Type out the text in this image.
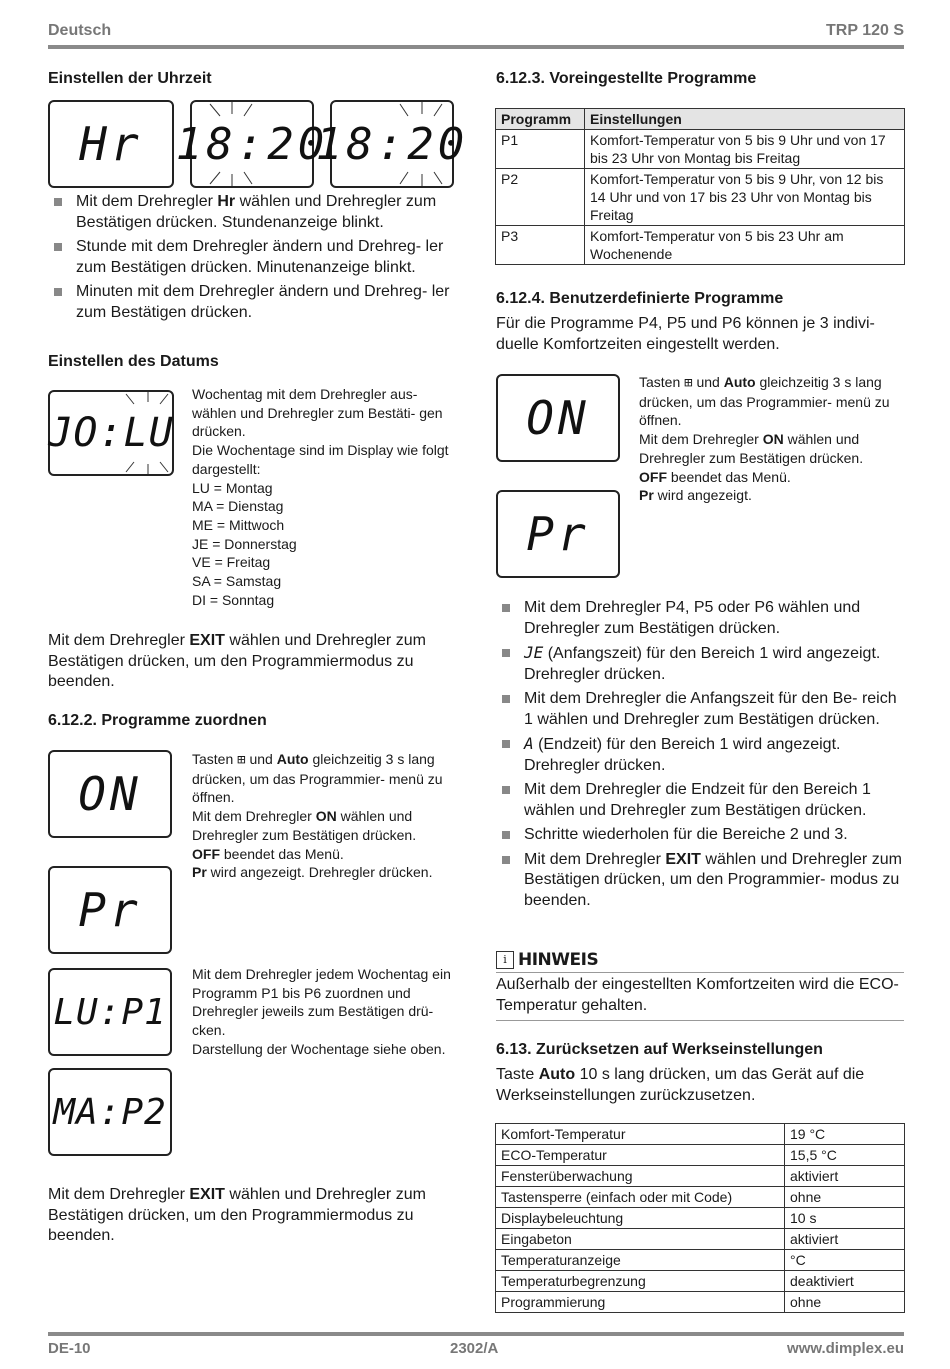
Deutsch	TRP 120 S
Einstellen der Uhrzeit
Hr 18:20
18:20
Mit dem Drehregler Hr wählen und Drehregler zum Bestätigen drücken. Stundenanzeige blinkt.
Stunde mit dem Drehregler ändern und Drehreg- ler zum Bestätigen drücken. Minutenanzeige blinkt.
Minuten mit dem Drehregler ändern und Drehreg- ler zum Bestätigen drücken.
Einstellen des Datums
JO:LU
Wochentag mit dem Drehregler aus- wählen und Drehregler zum Bestäti- gen drücken.
Die Wochentage sind im Display wie folgt dargestellt:
LU = Montag
MA = Dienstag
ME = Mittwoch
JE = Donnerstag
VE = Freitag
SA = Samstag
DI = Sonntag
Mit dem Drehregler EXIT wählen und Drehregler zum Bestätigen drücken, um den Programmiermodus zu beenden.
6.12.2. Programme zuordnen
ON
Pr
LU:P1
MA:P2
Tasten ⊞ und Auto gleichzeitig 3 s lang drücken, um das Programmier- menü zu öffnen.
Mit dem Drehregler ON wählen und Drehregler zum Bestätigen drücken.
OFF beendet das Menü.
Pr wird angezeigt. Drehregler drücken.
Mit dem Drehregler jedem Wochentag ein Programm P1 bis P6 zuordnen und Drehregler jeweils zum Bestätigen drü- cken.
Darstellung der Wochentage siehe oben.
Mit dem Drehregler EXIT wählen und Drehregler zum Bestätigen drücken, um den Programmiermodus zu beenden.
6.12.3. Voreingestellte Programme
Programm	Einstellungen
P1	Komfort-Temperatur von 5 bis 9 Uhr und von 17 bis 23 Uhr von Montag bis Freitag
P2	Komfort-Temperatur von 5 bis 9 Uhr, von 12 bis 14 Uhr und von 17 bis 23 Uhr von Montag bis Freitag
P3	Komfort-Temperatur von 5 bis 23 Uhr am Wochenende
6.12.4. Benutzerdefinierte Programme
Für die Programme P4, P5 und P6 können je 3 indivi- duelle Komfortzeiten eingestellt werden.
ON
Pr
Tasten ⊞ und Auto gleichzeitig 3 s lang drücken, um das Programmier- menü zu öffnen.
Mit dem Drehregler ON wählen und Drehregler zum Bestätigen drücken.
OFF beendet das Menü.
Pr wird angezeigt.
Mit dem Drehregler P4, P5 oder P6 wählen und Drehregler zum Bestätigen drücken.
JE (Anfangszeit) für den Bereich 1 wird angezeigt. Drehregler drücken.
Mit dem Drehregler die Anfangszeit für den Be- reich 1 wählen und Drehregler zum Bestätigen drücken.
A (Endzeit) für den Bereich 1 wird angezeigt. Drehregler drücken.
Mit dem Drehregler die Endzeit für den Bereich 1 wählen und Drehregler zum Bestätigen drücken.
Schritte wiederholen für die Bereiche 2 und 3.
Mit dem Drehregler EXIT wählen und Drehregler zum Bestätigen drücken, um den Programmier- modus zu beenden.
i HINWEIS
Außerhalb der eingestellten Komfortzeiten wird die ECO-Temperatur gehalten.
6.13. Zurücksetzen auf Werkseinstellungen
Taste Auto 10 s lang drücken, um das Gerät auf die Werkseinstellungen zurückzusetzen.
Komfort-Temperatur	19 °C
ECO-Temperatur	15,5 °C
Fensterüberwachung	aktiviert
Tastensperre (einfach oder mit Code)	ohne
Displaybeleuchtung	10 s
Eingabeton	aktiviert
Temperaturanzeige	°C
Temperaturbegrenzung	deaktiviert
Programmierung	ohne
DE-10	2302/A	www.dimplex.eu
